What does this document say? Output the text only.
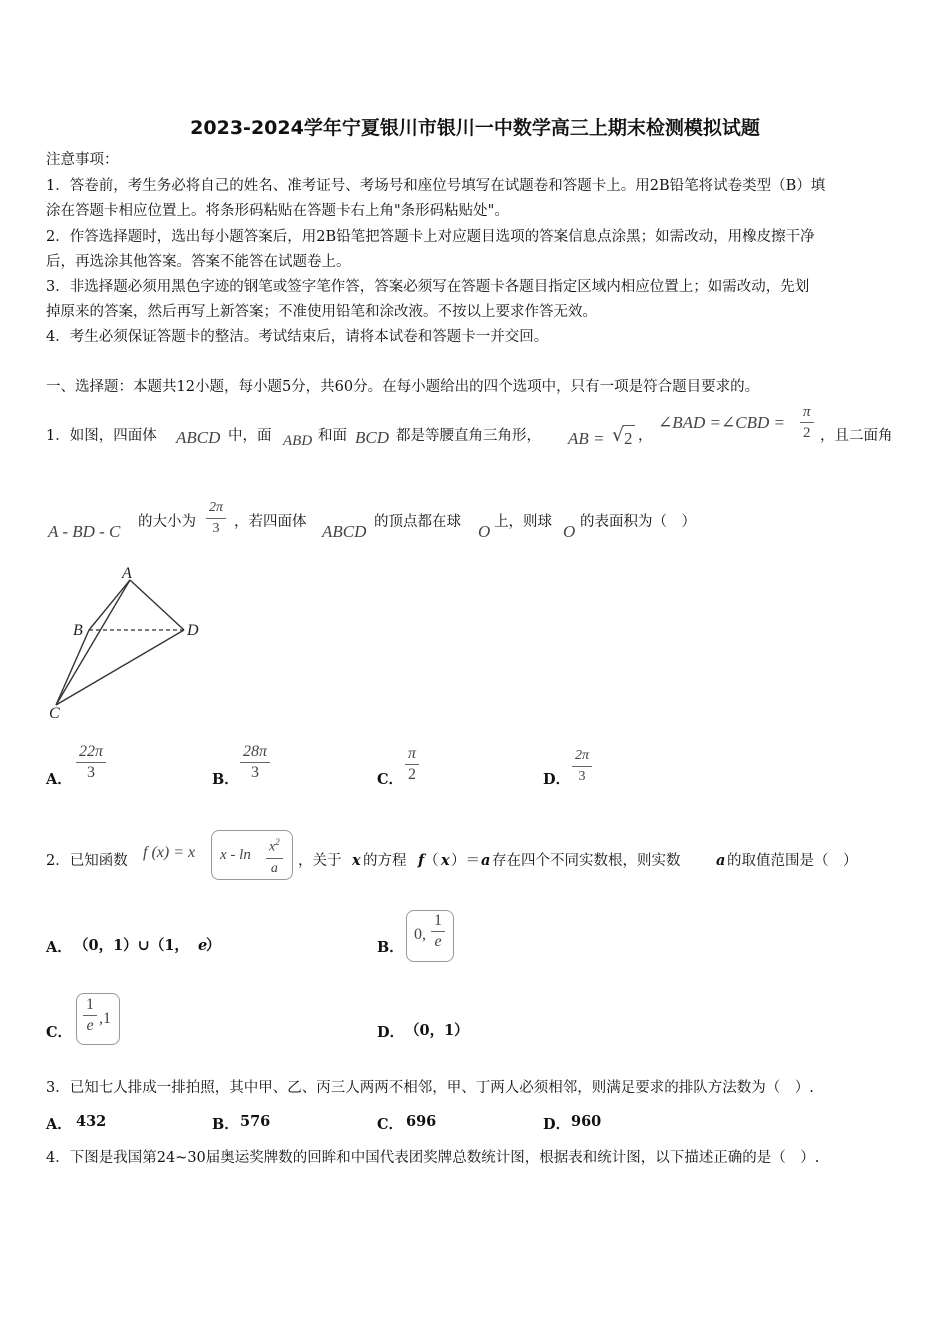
2023-2024学年宁夏银川市银川一中数学高三上期末检测模拟试题
注意事项：
1．答卷前，考生务必将自己的姓名、准考证号、考场号和座位号填写在试题卷和答题卡上。用2B铅笔将试卷类型（B）填
涂在答题卡相应位置上。将条形码粘贴在答题卡右上角"条形码粘贴处"。
2．作答选择题时，选出每小题答案后，用2B铅笔把答题卡上对应题目选项的答案信息点涂黑；如需改动，用橡皮擦干净
后，再选涂其他答案。答案不能答在试题卷上。
3．非选择题必须用黑色字迹的钢笔或签字笔作答，答案必须写在答题卡各题目指定区域内相应位置上；如需改动，先划
掉原来的答案，然后再写上新答案；不准使用铅笔和涂改液。不按以上要求作答无效。
4．考生必须保证答题卡的整洁。考试结束后，请将本试卷和答题卡一并交回。
一、选择题：本题共12小题，每小题5分，共60分。在每小题给出的四个选项中，只有一项是符合题目要求的。
1．如图，四面体 ABCD 中，面 ABD 和面 BCD 都是等腰直角三角形， AB = √ 2 ，
∠BAD =∠CBD = $\frac{\pi}{2}$ ，且二面角
A - BD - C 的大小为 $\frac{2\pi}{3}$ ，若四面体 ABCD 的顶点都在球 O 上，则球 O 的表面积为（　）
A
B
C
D
A． $\frac{22\pi}{3}$	B． $\frac{28\pi}{3}$	C． $\frac{\pi}{2}$	D． $\frac{2\pi}{3}$
2．已知函数 f (x) = x x - $\ln \frac{x^2}{a}$ ，关于 x 的方程 f （ x ）＝ a 存在四个不同实数根，则实数 a 的取值范围是（　）
A． （0，1）∪（1， e
）	B．
0, $\frac{1}{e}$
C． $\frac{1}{e} ,1$
D． （0，1）
3．已知七人排成一排拍照，其中甲、乙、丙三人两两不相邻，甲、丁两人必须相邻，则满足要求的排队方法数为（　）.
A． 432	B． 576	C． 696	D． 960
4．下图是我国第24~30届奥运奖牌数的回眸和中国代表团奖牌总数统计图，根据表和统计图，以下描述正确的是（　）.
